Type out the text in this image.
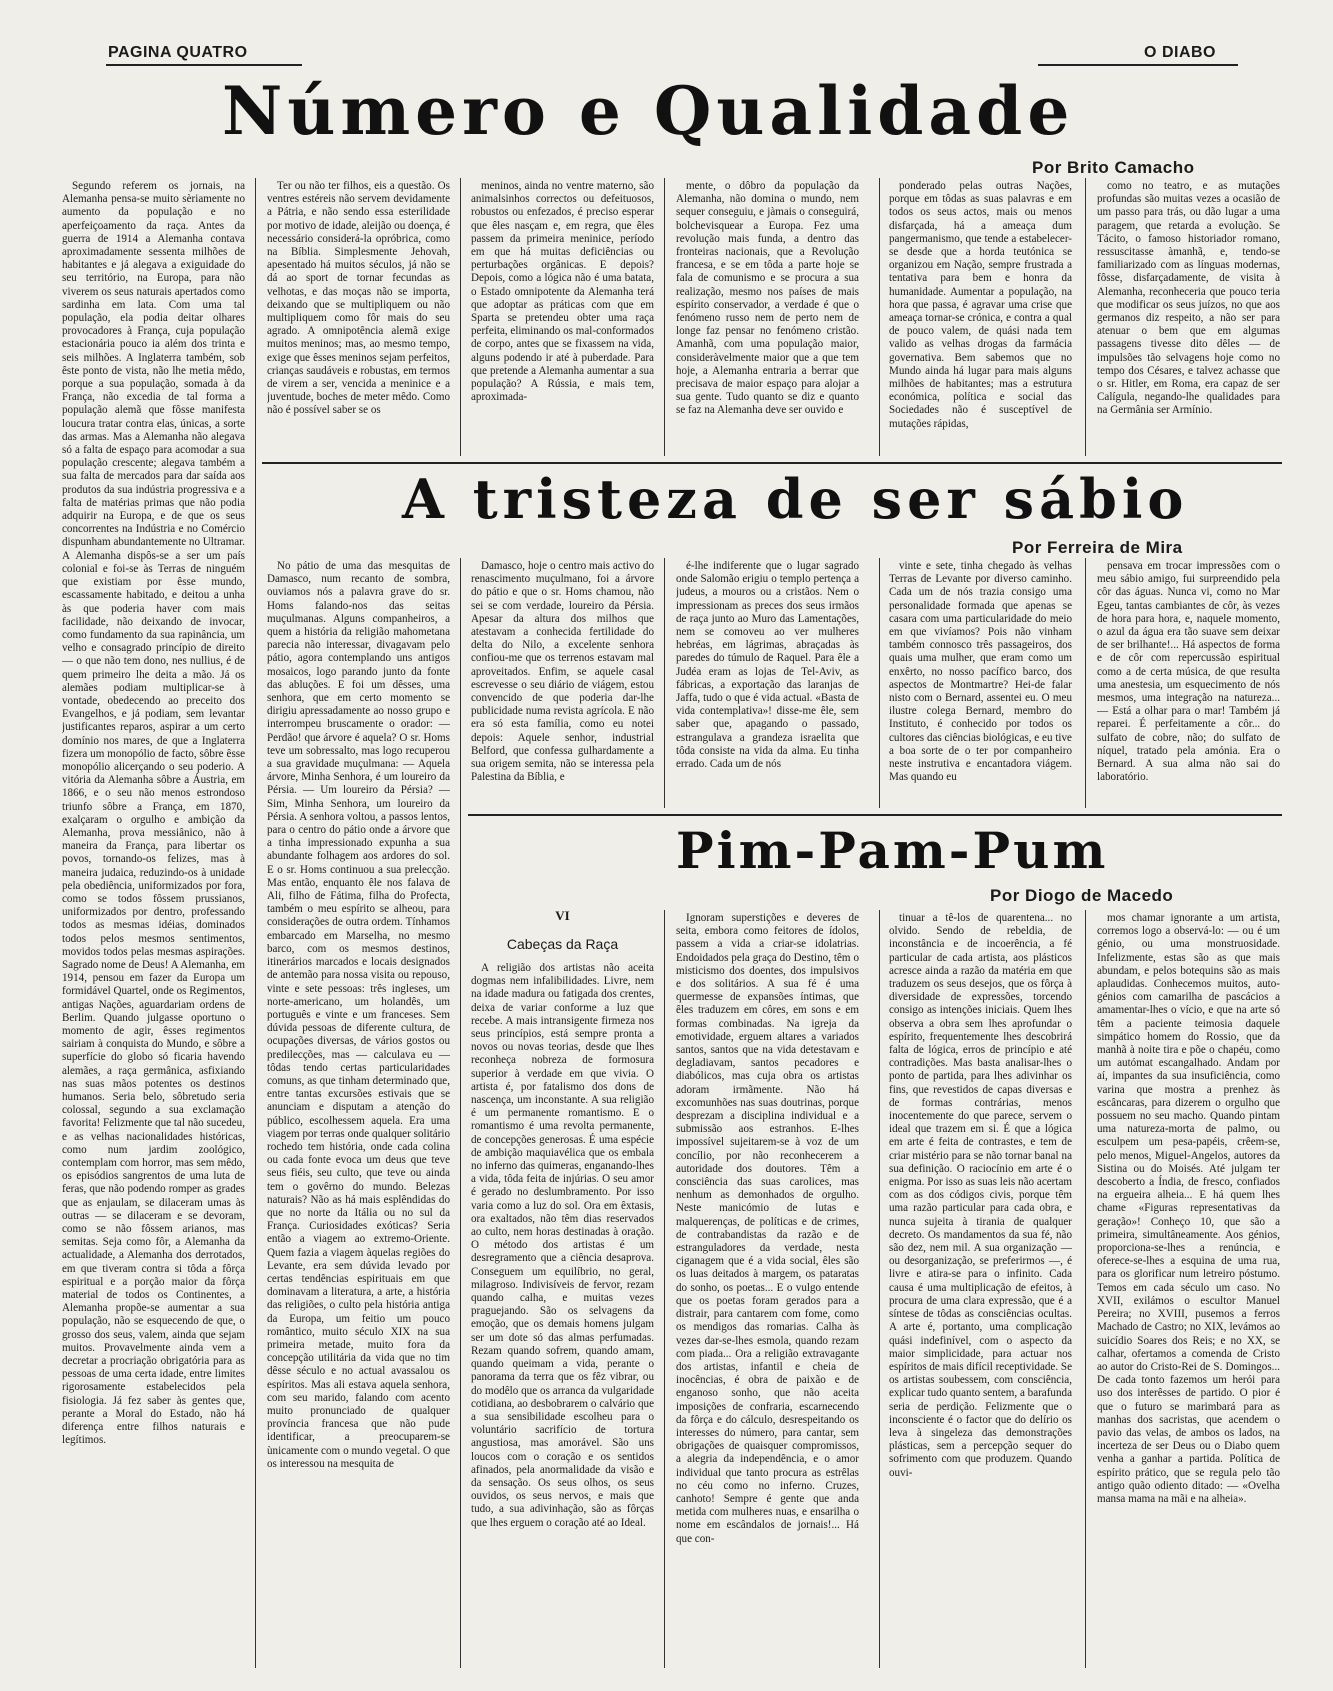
PAGINA QUATRO	O DIABO
Número e Qualidade
Por Brito Camacho

Segundo referem os jornais, na Alemanha pensa-se muito sèriamente no aumento da população e no aperfeiçoamento da raça. Antes da guerra de 1914 a Alemanha contava aproximadamente sessenta milhões de habitantes e já alegava a exiguidade do seu território, na Europa, para não viverem os seus naturais apertados como sardinha em lata. Com uma tal população, ela podia deitar olhares provocadores à França, cuja população estacionária pouco ia além dos trinta e seis milhões. A Inglaterra também, sob êste ponto de vista, não lhe metia mêdo, porque a sua população, somada à da França, não excedia de tal forma a população alemã que fôsse manifesta loucura tratar contra elas, únicas, a sorte das armas. Mas a Alemanha não alegava só a falta de espaço para acomodar a sua população crescente; alegava também a sua falta de mercados para dar saída aos produtos da sua indústria progressiva e a falta de matérias primas que não podia adquirir na Europa, e de que os seus concorrentes na Indústria e no Comércio dispunham abundantemente no Ultramar. A Alemanha dispôs-se a ser um país colonial e foi-se às Terras de ninguém que existiam por êsse mundo, escassamente habitado, e deitou a unha às que poderia haver com mais facilidade, não deixando de invocar, como fundamento da sua rapinância, um velho e consagrado princípio de direito — o que não tem dono, nes nullius, é de quem primeiro lhe deita a mão. Já os alemães podiam multiplicar-se à vontade, obedecendo ao preceito dos Evangelhos, e já podiam, sem levantar justificantes reparos, aspirar a um certo domínio nos mares, de que a Inglaterra fizera um monopólio de facto, sôbre êsse monopólio alicerçando o seu poderio. A vitória da Alemanha sôbre a Áustria, em 1866, e o seu não menos estrondoso triunfo sôbre a França, em 1870, exalçaram o orgulho e ambição da Alemanha, prova messiânico, não à maneira da França, para libertar os povos, tornando-os felizes, mas à maneira judaica, reduzindo-os à unidade pela obediência, uniformizados por fora, como se todos fôssem prussianos, uniformizados por dentro, professando todos as mesmas idéias, dominados todos pelos mesmos sentimentos, movidos todos pelas mesmas aspirações. Sagrado nome de Deus! A Alemanha, em 1914, pensou em fazer da Europa um formidável Quartel, onde os Regimentos, antigas Nações, aguardariam ordens de Berlim. Quando julgasse oportuno o momento de agir, êsses regimentos sairiam à conquista do Mundo, e sôbre a superfície do globo só ficaria havendo alemães, a raça germânica, asfixiando nas suas mãos potentes os destinos humanos. Seria belo, sôbretudo seria colossal, segundo a sua exclamação favorita! Felizmente que tal não sucedeu, e as velhas nacionalidades históricas, como num jardim zoológico, contemplam com horror, mas sem mêdo, os episódios sangrentos de uma luta de feras, que não podendo romper as grades que as enjaulam, se dilaceram umas às outras — se dilaceram e se devoram, como se não fôssem arianos, mas semitas. Seja como fôr, a Alemanha da actualidade, a Alemanha dos derrotados, em que tiveram contra si tôda a fôrça espiritual e a porção maior da fôrça material de todos os Continentes, a Alemanha propõe-se aumentar a sua população, não se esquecendo de que, o grosso dos seus, valem, ainda que sejam muitos. Provavelmente ainda vem a decretar a procriação obrigatória para as pessoas de uma certa idade, entre limites rigorosamente estabelecidos pela fisiologia. Já fez saber às gentes que, perante a Moral do Estado, não há diferença entre filhos naturais e legítimos.

Ter ou não ter filhos, eis a questão. Os ventres estéreis não servem devidamente a Pátria, e não sendo essa esterilidade por motivo de idade, aleijão ou doença, é necessário considerá-la opróbrica, como na Bíblia. Simplesmente Jehovah, apesentado há muitos séculos, já não se dá ao sport de tornar fecundas as velhotas, e das moças não se importa, deixando que se multipliquem ou não multipliquem como fôr mais do seu agrado. A omnipotência alemã exige muitos meninos; mas, ao mesmo tempo, exige que êsses meninos sejam perfeitos, crianças saudáveis e robustas, em termos de virem a ser, vencida a meninice e a juventude, boches de meter mêdo. Como não é possível saber se os

meninos, ainda no ventre materno, são animalsinhos correctos ou defeituosos, robustos ou enfezados, é preciso esperar que êles nasçam e, em regra, que êles passem da primeira meninice, período em que há muitas deficiências ou perturbações orgânicas. E depois? Depois, como a lógica não é uma batata, o Estado omnipotente da Alemanha terá que adoptar as práticas com que em Sparta se pretendeu obter uma raça perfeita, eliminando os mal-conformados de corpo, antes que se fixassem na vida, alguns podendo ir até à puberdade. Para que pretende a Alemanha aumentar a sua população? A Rússia, e mais tem, aproximada-

mente, o dôbro da população da Alemanha, não domina o mundo, nem sequer conseguiu, e jàmais o conseguirá, bolchevisquear a Europa. Fez uma revolução mais funda, a dentro das fronteiras nacionais, que a Revolução francesa, e se em tôda a parte hoje se fala de comunismo e se procura a sua realização, mesmo nos países de mais espírito conservador, a verdade é que o fenómeno russo nem de perto nem de longe faz pensar no fenómeno cristão. Amanhã, com uma população maior, consideràvelmente maior que a que tem hoje, a Alemanha entraria a berrar que precisava de maior espaço para alojar a sua gente. Tudo quanto se diz e quanto se faz na Alemanha deve ser ouvido e

ponderado pelas outras Nações, porque em tôdas as suas palavras e em todos os seus actos, mais ou menos disfarçada, há a ameaça dum pangermanismo, que tende a estabelecer-se desde que a horda teutónica se organizou em Nação, sempre frustrada a tentativa para bem e honra da humanidade. Aumentar a população, na hora que passa, é agravar uma crise que ameaça tornar-se crónica, e contra a qual de pouco valem, de quási nada tem valido as velhas drogas da farmácia governativa. Bem sabemos que no Mundo ainda há lugar para mais alguns milhões de habitantes; mas a estrutura económica, política e social das Sociedades não é susceptível de mutações rápidas,

como no teatro, e as mutações profundas são muitas vezes a ocasião de um passo para trás, ou dão lugar a uma paragem, que retarda a evolução. Se Tácito, o famoso historiador romano, ressuscitasse àmanhã, e, tendo-se familiarizado com as línguas modernas, fôsse, disfarçadamente, de visita à Alemanha, reconheceria que pouco teria que modificar os seus juízos, no que aos germanos diz respeito, a não ser para atenuar o bem que em algumas passagens tivesse dito dêles — de impulsões tão selvagens hoje como no tempo dos Césares, e talvez achasse que o sr. Hitler, em Roma, era capaz de ser Calígula, negando-lhe qualidades para na Germânia ser Armínio.

A tristeza de ser sábio
Por Ferreira de Mira

No pátio de uma das mesquitas de Damasco, num recanto de sombra, ouviamos nós a palavra grave do sr. Homs falando-nos das seitas muçulmanas. Alguns companheiros, a quem a história da religião mahometana parecia não interessar, divagavam pelo pátio, agora contemplando uns antigos mosaicos, logo parando junto da fonte das abluções. E foi um dêsses, uma senhora, que em certo momento se dirigiu apressadamente ao nosso grupo e interrompeu bruscamente o orador: — Perdão! que árvore é aquela? O sr. Homs teve um sobressalto, mas logo recuperou a sua gravidade muçulmana: — Aquela árvore, Minha Senhora, é um loureiro da Pérsia. — Um loureiro da Pérsia? — Sim, Minha Senhora, um loureiro da Pérsia. A senhora voltou, a passos lentos, para o centro do pátio onde a árvore que a tinha impressionado expunha a sua abundante folhagem aos ardores do sol. E o sr. Homs continuou a sua prelecção. Mas então, enquanto êle nos falava de Ali, filho de Fátima, filha do Profecta, também o meu espírito se alheou, para considerações de outra ordem. Tínhamos embarcado em Marselha, no mesmo barco, com os mesmos destinos, itinerários marcados e locais designados de antemão para nossa visita ou repouso, vinte e sete pessoas: três ingleses, um norte-americano, um holandês, um português e vinte e um franceses. Sem dúvida pessoas de diferente cultura, de ocupações diversas, de vários gostos ou predilecções, mas — calculava eu — tôdas tendo certas particularidades comuns, as que tinham determinado que, entre tantas excursões estivais que se anunciam e disputam a atenção do público, escolhessem aquela. Era uma viagem por terras onde qualquer solitário rochedo tem história, onde cada colina ou cada fonte evoca um deus que teve seus fiéis, seu culto, que teve ou ainda tem o govêrno do mundo. Belezas naturais? Não as há mais esplêndidas do que no norte da Itália ou no sul da França. Curiosidades exóticas? Seria então a viagem ao extremo-Oriente. Quem fazia a viagem àquelas regiões do Levante, era sem dúvida levado por certas tendências espirituais em que dominavam a literatura, a arte, a história das religiões, o culto pela história antiga da Europa, um feitio um pouco romântico, muito século XIX na sua primeira metade, muito fora da concepção utilitária da vida que no tim dêsse século e no actual avassalou os espíritos. Mas ali estava aquela senhora, com seu marido, falando com acento muito pronunciado de qualquer província francesa que não pude identificar, a preocuparem-se ùnicamente com o mundo vegetal. O que os interessou na mesquita de

Damasco, hoje o centro mais activo do renascimento muçulmano, foi a árvore do pátio e que o sr. Homs chamou, não sei se com verdade, loureiro da Pérsia. Apesar da altura dos milhos que atestavam a conhecida fertilidade do delta do Nilo, a excelente senhora confiou-me que os terrenos estavam mal aproveitados. Enfim, se aquele casal escrevesse o seu diário de viágem, estou convencido de que poderia dar-lhe publicidade numa revista agrícola. E não era só esta família, como eu notei depois: Aquele senhor, industrial Belford, que confessa gulhardamente a sua origem semita, não se interessa pela Palestina da Bíblia, e

é-lhe indiferente que o lugar sagrado onde Salomão erigiu o templo pertença a judeus, a mouros ou a cristãos. Nem o impressionam as preces dos seus irmãos de raça junto ao Muro das Lamentações, nem se comoveu ao ver mulheres hebréas, em lágrimas, abraçadas às paredes do túmulo de Raquel. Para êle a Judéa eram as lojas de Tel-Aviv, as fábricas, a exportação das laranjas de Jaffa, tudo o que é vida actual. «Basta de vida contemplativa»! disse-me êle, sem saber que, apagando o passado, estrangulava a grandeza israelita que tôda consiste na vida da alma. Eu tinha errado. Cada um de nós

vinte e sete, tinha chegado às velhas Terras de Levante por diverso caminho. Cada um de nós trazia consigo uma personalidade formada que apenas se casara com uma particularidade do meio em que vivíamos? Pois não vinham também connosco três passageiros, dos quais uma mulher, que eram como um enxêrto, no nosso pacífico barco, dos aspectos de Montmartre? Hei-de falar nisto com o Bernard, assentei eu. O meu ilustre colega Bernard, membro do Instituto, é conhecido por todos os cultores das ciências biológicas, e eu tive a boa sorte de o ter por companheiro neste instrutiva e encantadora viágem. Mas quando eu

pensava em trocar impressões com o meu sábio amigo, fui surpreendido pela côr das águas. Nunca vi, como no Mar Egeu, tantas cambiantes de côr, às vezes de hora para hora, e, naquele momento, o azul da água era tão suave sem deixar de ser brilhante!... Há aspectos de forma e de côr com repercussão espiritual como a de certa música, de que resulta uma anestesia, um esquecimento de nós mesmos, uma integração na natureza... — Está a olhar para o mar! Também já reparei. É perfeitamente a côr... do sulfato de cobre, não; do sulfato de níquel, tratado pela amónia. Era o Bernard. A sua alma não sai do laboratório.

Pim-Pam-Pum
Por Diogo de Macedo
VI
Cabeças da Raça

A religião dos artistas não aceita dogmas nem infalibilidades. Livre, nem na idade madura ou fatigada dos crentes, deixa de variar conforme a luz que recebe. A mais intransigente firmeza nos seus princípios, está sempre pronta a novos ou novas teorias, desde que lhes reconheça nobreza de formosura superior à verdade em que vivia. O artista é, por fatalismo dos dons de nascença, um inconstante. A sua religião é um permanente romantismo. E o romantismo é uma revolta permanente, de concepções generosas. É uma espécie de ambição maquiavélica que os embala no inferno das quimeras, enganando-lhes a vida, tôda feita de injúrias. O seu amor é gerado no deslumbramento. Por isso varia como a luz do sol. Ora em êxtasis, ora exaltados, não têm dias reservados ao culto, nem horas destinadas à oração. O método dos artistas é um desregramento que a ciência desaprova. Conseguem um equilíbrio, no geral, milagroso. Indivisíveis de fervor, rezam quando calha, e muitas vezes praguejando. São os selvagens da emoção, que os demais homens julgam ser um dote só das almas perfumadas. Rezam quando sofrem, quando amam, quando queimam a vida, perante o panorama da terra que os fêz vibrar, ou do modêlo que os arranca da vulgaridade cotidiana, ao desbobrarem o calvário que a sua sensibilidade escolheu para o voluntário sacrifício de tortura angustiosa, mas amorável. São uns loucos com o coração e os sentidos afinados, pela anormalidade da visão e da sensação. Os seus olhos, os seus ouvidos, os seus nervos, e mais que tudo, a sua adivinhação, são as fôrças que lhes erguem o coração até ao Ideal.

Ignoram superstições e deveres de seita, embora como feitores de ídolos, passem a vida a criar-se idolatrias. Endoidados pela graça do Destino, têm o misticismo dos doentes, dos impulsivos e dos solitários. A sua fé é uma quermesse de expansões íntimas, que êles traduzem em côres, em sons e em formas combinadas. Na igreja da emotividade, erguem altares a variados santos, santos que na vida detestavam e degladiavam, santos pecadores e diabólicos, mas cuja obra os artistas adoram irmãmente. Não há excomunhões nas suas doutrinas, porque desprezam a disciplina individual e a submissão aos estranhos. E-lhes impossível sujeitarem-se à voz de um concílio, por não reconhecerem a autoridade dos doutores. Têm a consciência das suas carolices, mas nenhum as demonhados de orgulho. Neste manicómio de lutas e malquerenças, de políticas e de crimes, de contrabandistas da razão e de estranguladores da verdade, nesta ciganagem que é a vida social, êles são os luas deitados à margem, os pataratas do sonho, os poetas... E o vulgo entende que os poetas foram gerados para a distrair, para cantarem com fome, como os mendigos das romarias. Calha às vezes dar-se-lhes esmola, quando rezam com piada... Ora a religião extravagante dos artistas, infantil e cheia de inocências, é obra de paixão e de enganoso sonho, que não aceita imposições de confraria, escarnecendo da fôrça e do cálculo, desrespeitando os interesses do número, para cantar, sem obrigações de quaisquer compromissos, a alegria da independência, e o amor individual que tanto procura as estrêlas no céu como no inferno. Cruzes, canhoto! Sempre é gente que anda metida com mulheres nuas, e ensarilha o nome em escândalos de jornais!... Há que con-

tinuar a tê-los de quarentena... no olvido. Sendo de rebeldia, de inconstância e de incoerência, a fé particular de cada artista, aos plásticos acresce ainda a razão da matéria em que traduzem os seus desejos, que os fôrça à diversidade de expressões, torcendo consigo as intenções iniciais. Quem lhes observa a obra sem lhes aprofundar o espírito, frequentemente lhes descobrirá falta de lógica, erros de princípio e até contradições. Mas basta analisar-lhes o ponto de partida, para lhes adivinhar os fins, que revestidos de capas diversas e de formas contrárias, menos inocentemente do que parece, servem o ideal que trazem em si. É que a lógica em arte é feita de contrastes, e tem de criar mistério para se não tornar banal na sua definição. O raciocínio em arte é o enigma. Por isso as suas leis não acertam com as dos códigos civis, porque têm uma razão particular para cada obra, e nunca sujeita à tirania de qualquer decreto. Os mandamentos da sua fé, não são dez, nem mil. A sua organização — ou desorganização, se preferirmos —, é livre e atira-se para o infinito. Cada causa é uma multiplicação de efeitos, à procura de uma clara expressão, que é a síntese de tôdas as consciências ocultas. A arte é, portanto, uma complicação quási indefinível, com o aspecto da maior simplicidade, para actuar nos espíritos de mais difícil receptividade. Se os artistas soubessem, com consciência, explicar tudo quanto sentem, a barafunda seria de perdição. Felizmente que o inconsciente é o factor que do delírio os leva à singeleza das demonstrações plásticas, sem a percepção sequer do sofrimento com que produzem. Quando ouvi-

mos chamar ignorante a um artista, corremos logo a observá-lo: — ou é um génio, ou uma monstruosidade. Infelizmente, estas são as que mais abundam, e pelos botequins são as mais aplaudidas. Conhecemos muitos, auto-génios com camarilha de pascácios a amamentar-lhes o vício, e que na arte só têm a paciente teimosia daquele simpático homem do Rossio, que da manhã à noite tira e põe o chapéu, como um autómat escangalhado. Andam por aí, impantes da sua insuficiência, como varina que mostra a prenhez às escâncaras, para dizerem o orgulho que possuem no seu macho. Quando pintam uma natureza-morta de palmo, ou esculpem um pesa-papéis, crêem-se, pelo menos, Miguel-Angelos, autores da Sistina ou do Moisés. Até julgam ter descoberto a Índia, de fresco, confiados na ergueira alheia... E há quem lhes chame «Figuras representativas da geração»! Conheço 10, que são a primeira, simultâneamente. Aos génios, proporciona-se-lhes a renúncia, e oferece-se-lhes a esquina de uma rua, para os glorificar num letreiro póstumo. Temos em cada século um caso. No XVII, exilámos o escultor Manuel Pereira; no XVIII, pusemos a ferros Machado de Castro; no XIX, levámos ao suicídio Soares dos Reis; e no XX, se calhar, ofertamos a comenda de Cristo ao autor do Cristo-Rei de S. Domingos... De cada tonto fazemos um herói para uso dos interêsses de partido. O pior é que o futuro se marimbará para as manhas dos sacristas, que acendem o pavio das velas, de ambos os lados, na incerteza de ser Deus ou o Diabo quem venha a ganhar a partida. Política de espírito prático, que se regula pelo tão antigo quão odiento ditado: — «Ovelha mansa mama na mãi e na alheia».
